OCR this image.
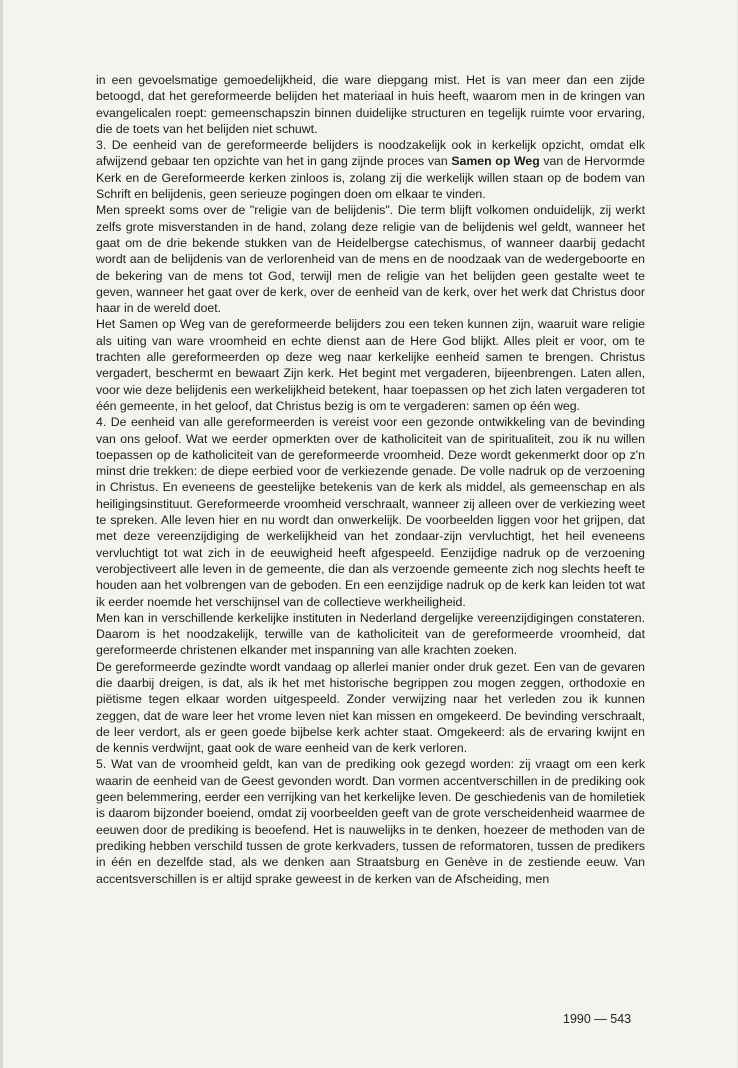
in een gevoelsmatige gemoedelijkheid, die ware diepgang mist. Het is van meer dan een zijde betoogd, dat het gereformeerde belijden het materiaal in huis heeft, waarom men in de kringen van evangelicalen roept: gemeenschapszin binnen duidelijke structuren en tegelijk ruimte voor ervaring, die de toets van het belijden niet schuwt.

3. De eenheid van de gereformeerde belijders is noodzakelijk ook in kerkelijk opzicht, omdat elk afwijzend gebaar ten opzichte van het in gang zijnde proces van Samen op Weg van de Hervormde Kerk en de Gereformeerde kerken zinloos is, zolang zij die werkelijk willen staan op de bodem van Schrift en belijdenis, geen serieuze pogingen doen om elkaar te vinden.

Men spreekt soms over de "religie van de belijdenis". Die term blijft volkomen onduidelijk, zij werkt zelfs grote misverstanden in de hand, zolang deze religie van de belijdenis wel geldt, wanneer het gaat om de drie bekende stukken van de Heidelbergse catechismus, of wanneer daarbij gedacht wordt aan de belijdenis van de verlorenheid van de mens en de noodzaak van de wedergeboorte en de bekering van de mens tot God, terwijl men de religie van het belijden geen gestalte weet te geven, wanneer het gaat over de kerk, over de eenheid van de kerk, over het werk dat Christus door haar in de wereld doet.

Het Samen op Weg van de gereformeerde belijders zou een teken kunnen zijn, waaruit ware religie als uiting van ware vroomheid en echte dienst aan de Here God blijkt. Alles pleit er voor, om te trachten alle gereformeerden op deze weg naar kerkelijke eenheid samen te brengen. Christus vergadert, beschermt en bewaart Zijn kerk. Het begint met vergaderen, bijeenbrengen. Laten allen, voor wie deze belijdenis een werkelijkheid betekent, haar toepassen op het zich laten vergaderen tot één gemeente, in het geloof, dat Christus bezig is om te vergaderen: samen op één weg.

4. De eenheid van alle gereformeerden is vereist voor een gezonde ontwikkeling van de bevinding van ons geloof. Wat we eerder opmerkten over de katholiciteit van de spiritualiteit, zou ik nu willen toepassen op de katholiciteit van de gereformeerde vroomheid. Deze wordt gekenmerkt door op z'n minst drie trekken: de diepe eerbied voor de verkiezende genade. De volle nadruk op de verzoening in Christus. En eveneens de geestelijke betekenis van de kerk als middel, als gemeenschap en als heiligingsinstituut. Gereformeerde vroomheid verschraalt, wanneer zij alleen over de verkiezing weet te spreken. Alle leven hier en nu wordt dan onwerkelijk. De voorbeelden liggen voor het grijpen, dat met deze vereenzijdiging de werkelijkheid van het zondaar-zijn vervluchtigt, het heil eveneens vervluchtigt tot wat zich in de eeuwigheid heeft afgespeeld. Eenzijdige nadruk op de verzoening verobjectiveert alle leven in de gemeente, die dan als verzoende gemeente zich nog slechts heeft te houden aan het volbrengen van de geboden. En een eenzijdige nadruk op de kerk kan leiden tot wat ik eerder noemde het verschijnsel van de collectieve werkheiligheid.

Men kan in verschillende kerkelijke instituten in Nederland dergelijke vereenzijdigingen constateren. Daarom is het noodzakelijk, terwille van de katholiciteit van de gereformeerde vroomheid, dat gereformeerde christenen elkander met inspanning van alle krachten zoeken.

De gereformeerde gezindte wordt vandaag op allerlei manier onder druk gezet. Een van de gevaren die daarbij dreigen, is dat, als ik het met historische begrippen zou mogen zeggen, orthodoxie en piëtisme tegen elkaar worden uitgespeeld. Zonder verwijzing naar het verleden zou ik kunnen zeggen, dat de ware leer het vrome leven niet kan missen en omgekeerd. De bevinding verschraalt, de leer verdort, als er geen goede bijbelse kerk achter staat. Omgekeerd: als de ervaring kwijnt en de kennis verdwijnt, gaat ook de ware eenheid van de kerk verloren.

5. Wat van de vroomheid geldt, kan van de prediking ook gezegd worden: zij vraagt om een kerk waarin de eenheid van de Geest gevonden wordt. Dan vormen accentverschillen in de prediking ook geen belemmering, eerder een verrijking van het kerkelijke leven. De geschiedenis van de homiletiek is daarom bijzonder boeiend, omdat zij voorbeelden geeft van de grote verscheidenheid waarmee de eeuwen door de prediking is beoefend. Het is nauwelijks in te denken, hoezeer de methoden van de prediking hebben verschild tussen de grote kerkvaders, tussen de reformatoren, tussen de predikers in één en dezelfde stad, als we denken aan Straatsburg en Genève in de zestiende eeuw. Van accentsverschillen is er altijd sprake geweest in de kerken van de Afscheiding, men

1990 — 543
